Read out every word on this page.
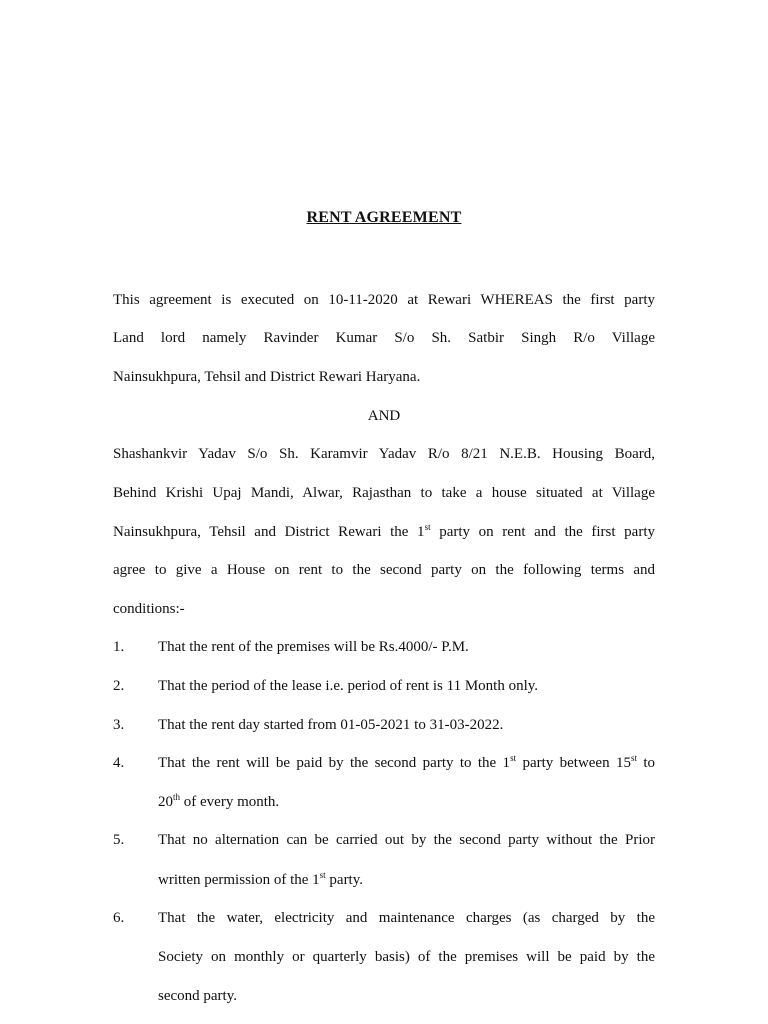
RENT AGREEMENT
This agreement is executed on 10-11-2020 at Rewari WHEREAS the first party
Land lord namely Ravinder Kumar S/o Sh. Satbir Singh R/o Village
Nainsukhpura, Tehsil and District Rewari Haryana.
AND
Shashankvir Yadav S/o Sh. Karamvir Yadav R/o 8/21 N.E.B. Housing Board,
Behind Krishi Upaj Mandi, Alwar, Rajasthan to take a house situated at Village
Nainsukhpura, Tehsil and District Rewari the 1st party on rent and the first party
agree to give a House on rent to the second party on the following terms and
conditions:-
1. That the rent of the premises will be Rs.4000/- P.M.
2. That the period of the lease i.e. period of rent is 11 Month only.
3. That the rent day started from 01-05-2021 to 31-03-2022.
4. That the rent will be paid by the second party to the 1st party between 15st to
20th of every month.
5. That no alternation can be carried out by the second party without the Prior
written permission of the 1st party.
6. That the water, electricity and maintenance charges (as charged by the
Society on monthly or quarterly basis) of the premises will be paid by the
second party.
